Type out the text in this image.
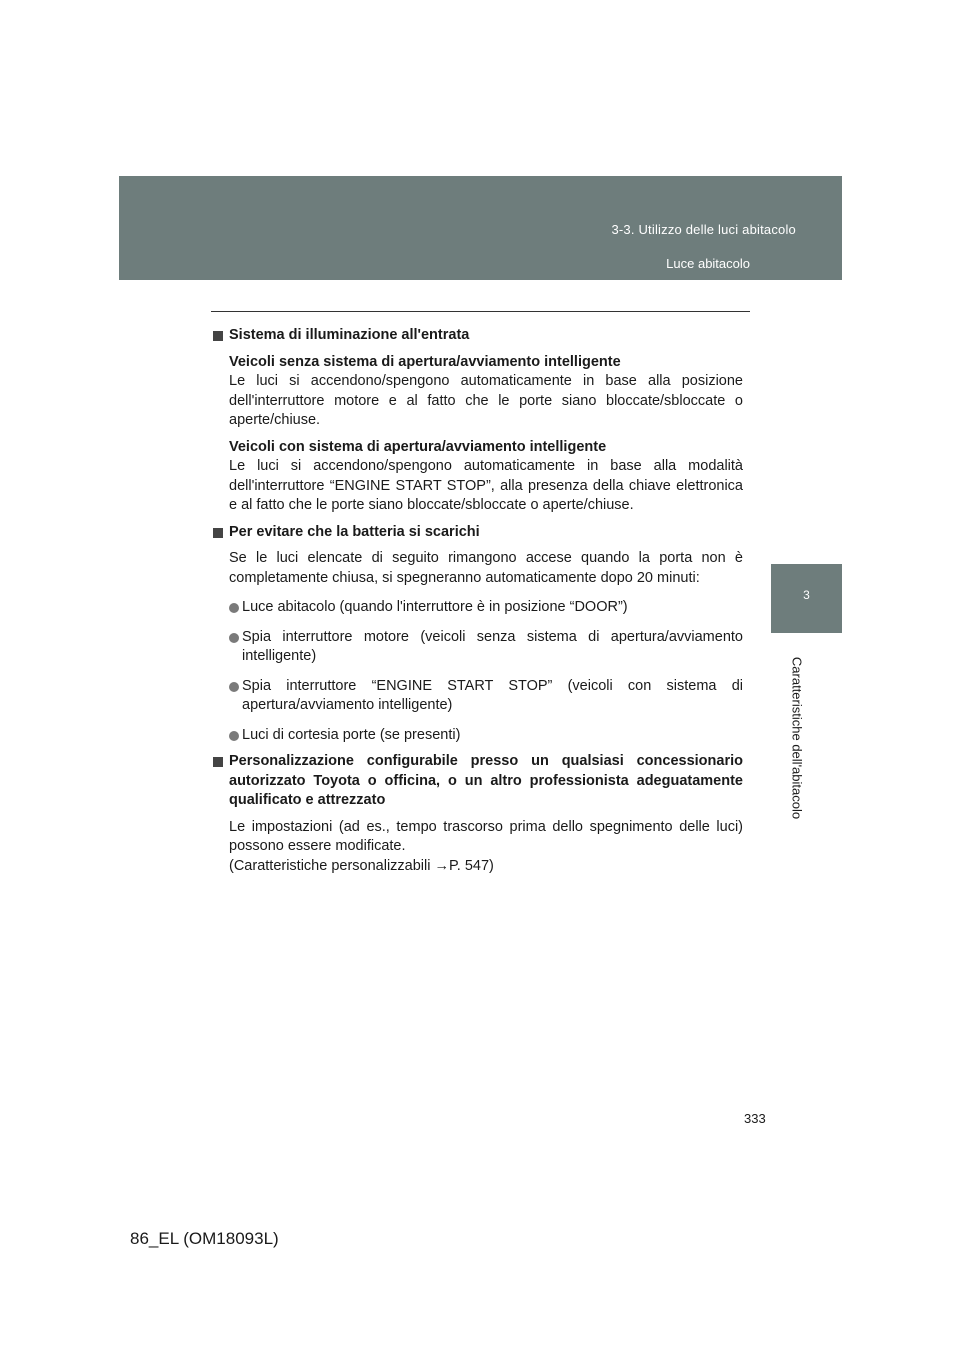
3-3. Utilizzo delle luci abitacolo
Luce abitacolo
3
Caratteristiche dell'abitacolo
Sistema di illuminazione all'entrata
Veicoli senza sistema di apertura/avviamento intelligente
Le luci si accendono/spengono automaticamente in base alla posizione dell'interruttore motore e al fatto che le porte siano bloccate/sbloccate o aperte/chiuse.
Veicoli con sistema di apertura/avviamento intelligente
Le luci si accendono/spengono automaticamente in base alla modalità dell'interruttore “ENGINE START STOP”, alla presenza della chiave elettronica e al fatto che le porte siano bloccate/sbloccate o aperte/chiuse.
Per evitare che la batteria si scarichi
Se le luci elencate di seguito rimangono accese quando la porta non è completamente chiusa, si spegneranno automaticamente dopo 20 minuti:
Luce abitacolo (quando l'interruttore è in posizione “DOOR”)
Spia interruttore motore (veicoli senza sistema di apertura/avviamento intelligente)
Spia interruttore “ENGINE START STOP” (veicoli con sistema di apertura/avviamento intelligente)
Luci di cortesia porte (se presenti)
Personalizzazione configurabile presso un qualsiasi concessionario autorizzato Toyota o officina, o un altro professionista adeguatamente qualificato e attrezzato
Le impostazioni (ad es., tempo trascorso prima dello spegnimento delle luci) possono essere modificate.
(Caratteristiche personalizzabili →P. 547)
333
86_EL (OM18093L)
